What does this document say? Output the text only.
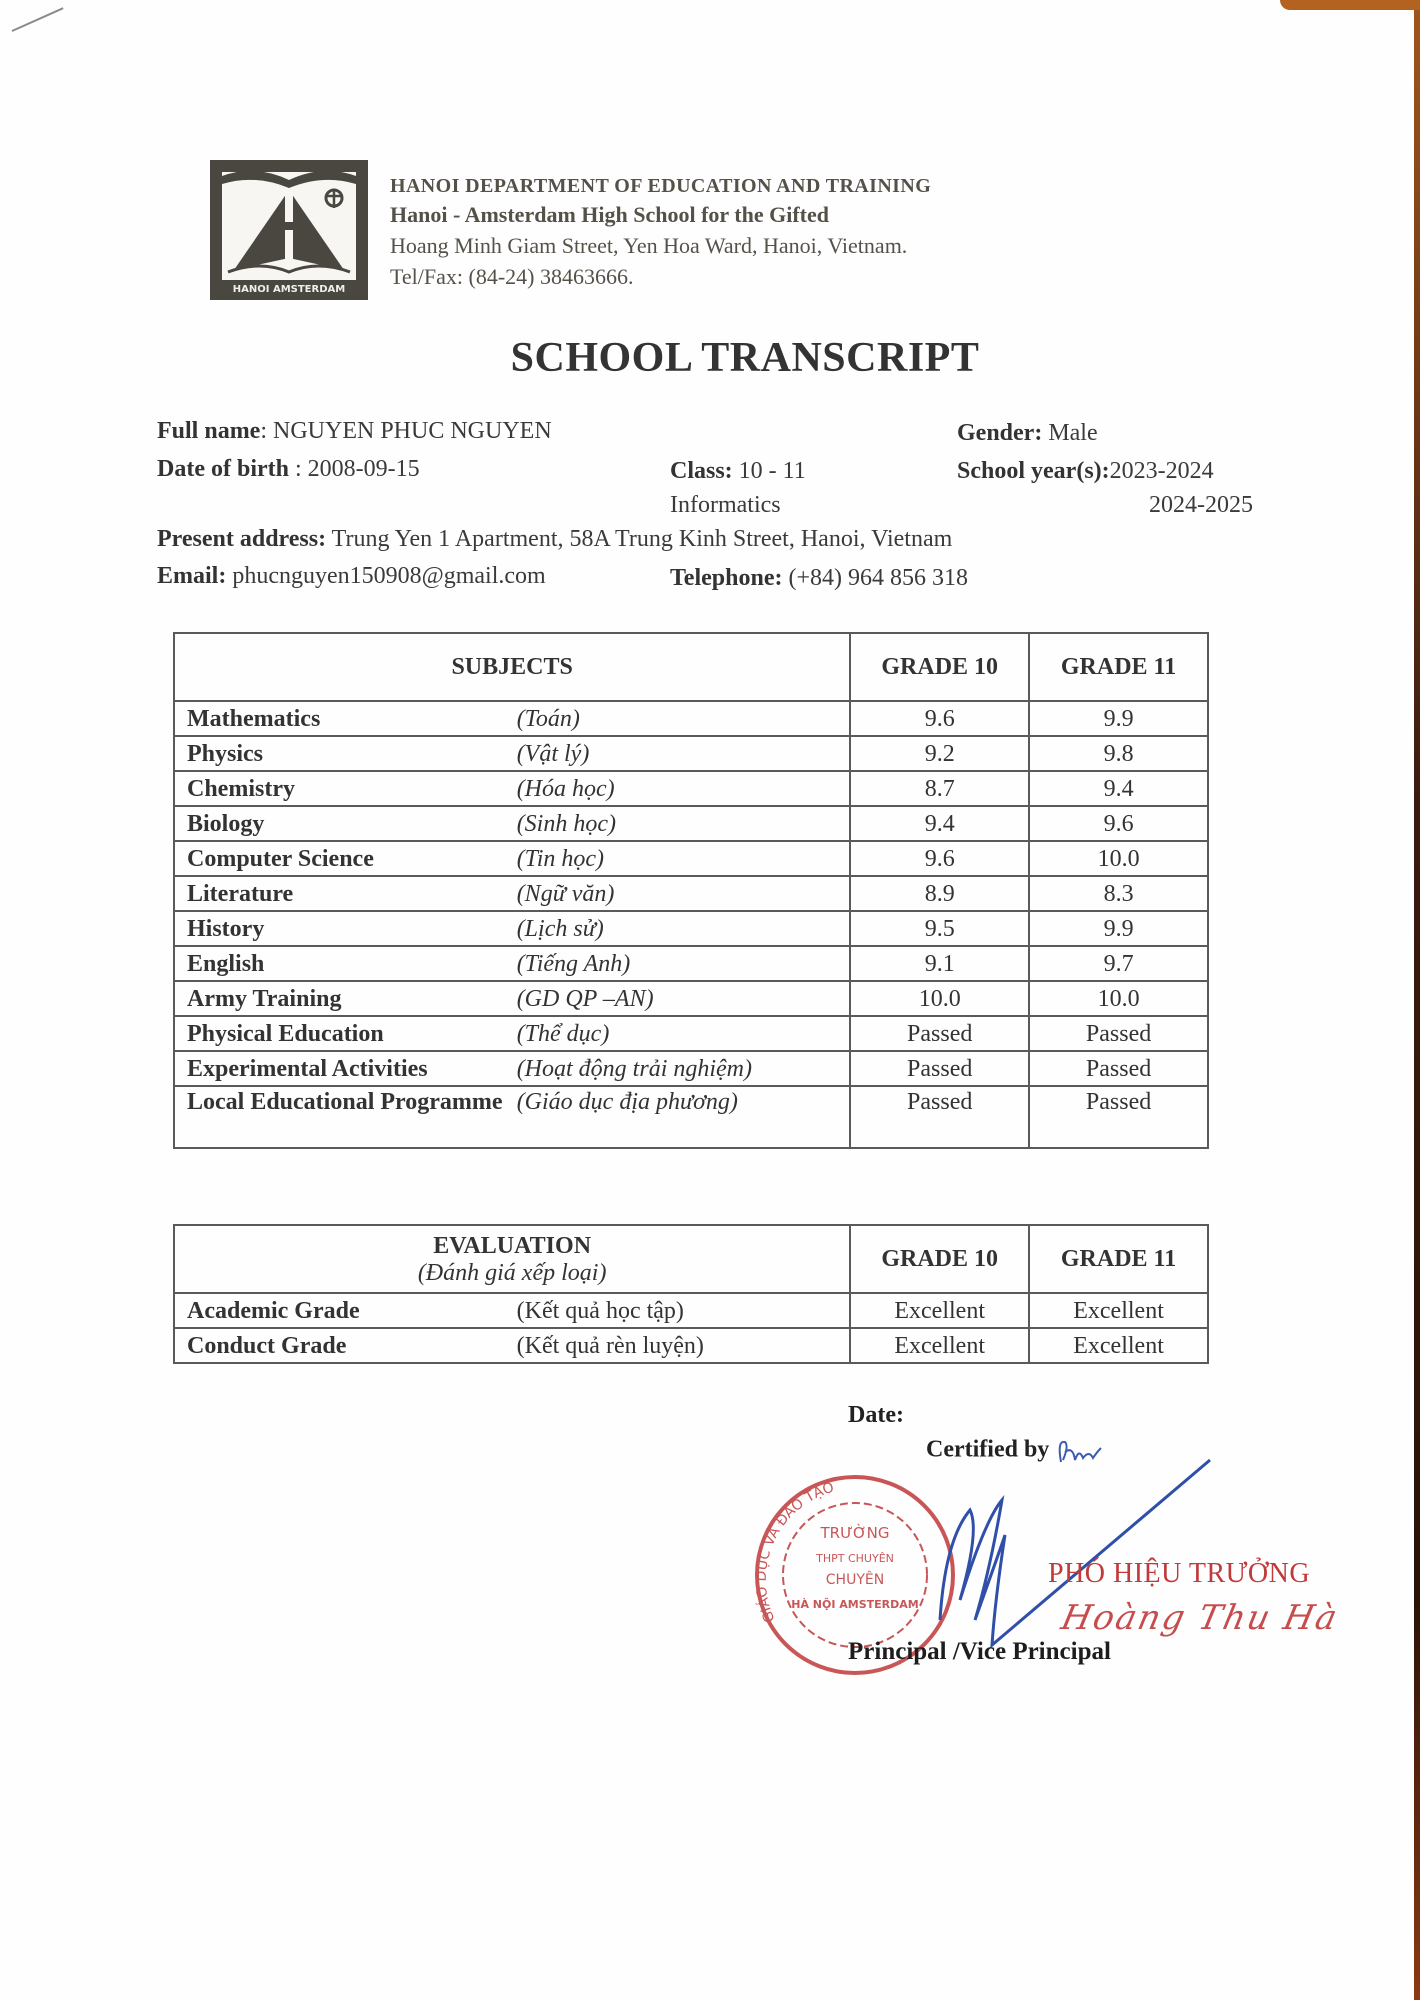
HANOI AMSTERDAM
HANOI DEPARTMENT OF EDUCATION AND TRAINING
Hanoi - Amsterdam High School for the Gifted
Hoang Minh Giam Street, Yen Hoa Ward, Hanoi, Vietnam.
Tel/Fax: (84-24) 38463666.
SCHOOL TRANSCRIPT
Full name: NGUYEN PHUC NGUYEN	Gender: Male
Date of birth : 2008-09-15	Class: 10 - 11
Informatics
School year(s):2023-2024
2024-2025
Present address: Trung Yen 1 Apartment, 58A Trung Kinh Street, Hanoi, Vietnam
Email: phucnguyen150908@gmail.com	Telephone: (+84) 964 856 318
SUBJECTS		GRADE 10	GRADE 11
Mathematics	(Toán)	9.6	9.9
Physics	(Vật lý)	9.2	9.8
Chemistry	(Hóa học)	8.7	9.4
Biology	(Sinh học)	9.4	9.6
Computer Science	(Tin học)	9.6	10.0
Literature	(Ngữ văn)	8.9	8.3
History	(Lịch sử)	9.5	9.9
English	(Tiếng Anh)	9.1	9.7
Army Training	(GD QP –AN)	10.0	10.0
Physical Education	(Thể dục)	Passed	Passed
Experimental Activities	(Hoạt động trải nghiệm)	Passed	Passed
Local Educational Programme	(Giáo dục địa phương)	Passed	Passed
EVALUATION
(Đánh giá xếp loại)		GRADE 10	GRADE 11
Academic Grade	(Kết quả học tập)	Excellent	Excellent
Conduct Grade	(Kết quả rèn luyện)	Excellent	Excellent
Date:
Certified by
TRƯỜNG
THPT CHUYÊN
CHUYÊN
HÀ NỘI AMSTERDAM
GIÁO DỤC VÀ ĐÀO TẠO
PHÓ HIỆU TRƯỞNG
Hoàng Thu Hà
Principal /Vice Principal
